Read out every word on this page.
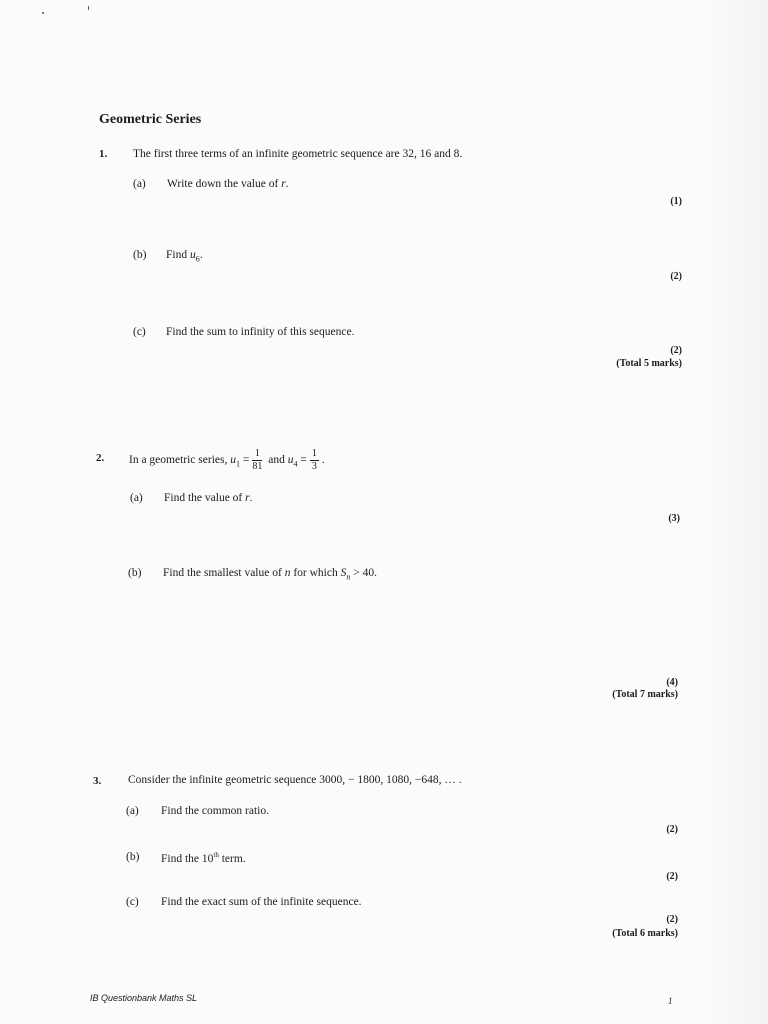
Geometric Series
1. The first three terms of an infinite geometric sequence are 32, 16 and 8.
(a) Write down the value of r.
(1)
(b) Find $u_6$.
(2)
(c) Find the sum to infinity of this sequence.
(2)
(Total 5 marks)
2. In a geometric series, $u_1 = \frac{1}{81}$ and $u_4 = \frac{1}{3}$ .
(a) Find the value of r.
(3)
(b) Find the smallest value of n for which $S_n > 40$.
(4)
(Total 7 marks)
3. Consider the infinite geometric sequence 3000, − 1800, 1080, −648, … .
(a) Find the common ratio.
(2)
(b) Find the 10th term.
(2)
(c) Find the exact sum of the infinite sequence.
(2)
(Total 6 marks)
IB Questionbank Maths SL	1
